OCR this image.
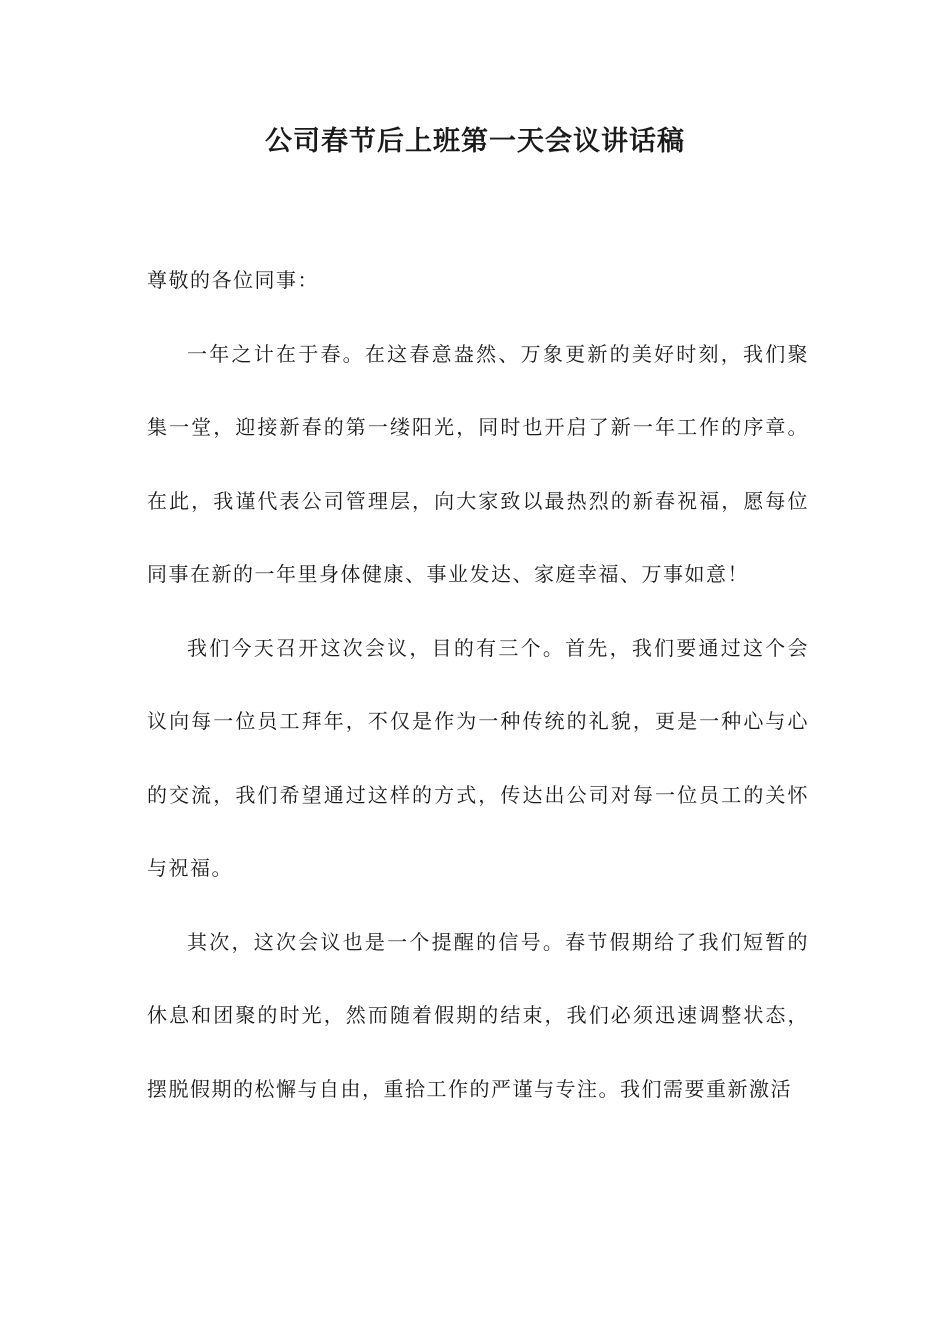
公司春节后上班第一天会议讲话稿

尊敬的各位同事：

一年之计在于春。在这春意盎然、万象更新的美好时刻，我们聚集一堂，迎接新春的第一缕阳光，同时也开启了新一年工作的序章。在此，我谨代表公司管理层，向大家致以最热烈的新春祝福，愿每位同事在新的一年里身体健康、事业发达、家庭幸福、万事如意！

我们今天召开这次会议，目的有三个。首先，我们要通过这个会议向每一位员工拜年，不仅是作为一种传统的礼貌，更是一种心与心的交流，我们希望通过这样的方式，传达出公司对每一位员工的关怀与祝福。

其次，这次会议也是一个提醒的信号。春节假期给了我们短暂的休息和团聚的时光，然而随着假期的结束，我们必须迅速调整状态，摆脱假期的松懈与自由，重拾工作的严谨与专注。我们需要重新激活
